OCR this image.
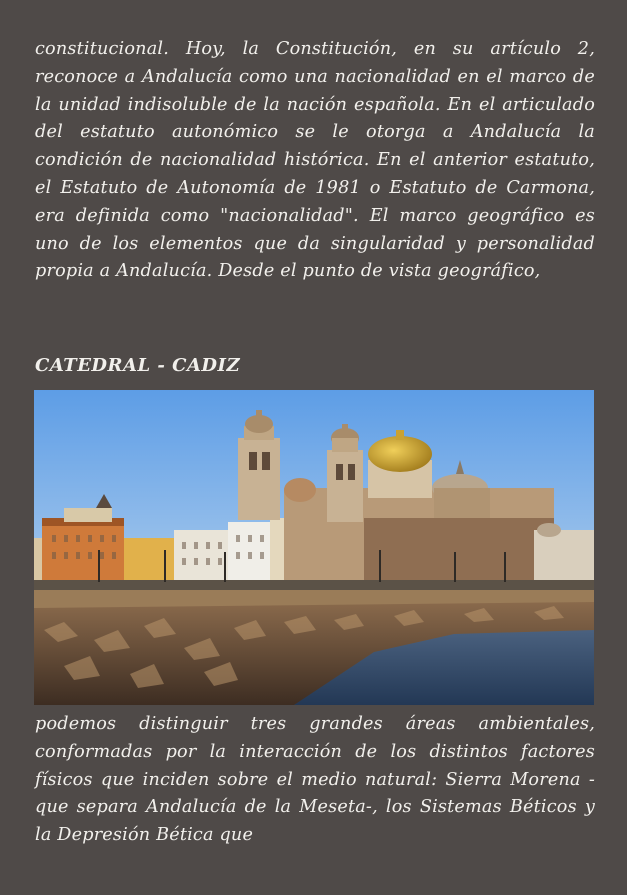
constitucional. Hoy, la Constitución, en su artículo 2, reconoce a Andalucía como una nacionalidad en el marco de la unidad indisoluble de la nación española. En el articulado del estatuto autonómico se le otorga a Andalucía la condición de nacionalidad histórica. En el anterior estatuto, el Estatuto de Autonomía de 1981 o Estatuto de Carmona, era definida como "nacionalidad". El marco geográfico es uno de los elementos que da singularidad y personalidad propia a Andalucía. Desde el punto de vista geográfico,

CATEDRAL - CADIZ

podemos distinguir tres grandes áreas ambientales, conformadas por la interacción de los distintos factores físicos que inciden sobre el medio natural: Sierra Morena -que separa Andalucía de la Meseta-, los Sistemas Béticos y la Depresión Bética que
